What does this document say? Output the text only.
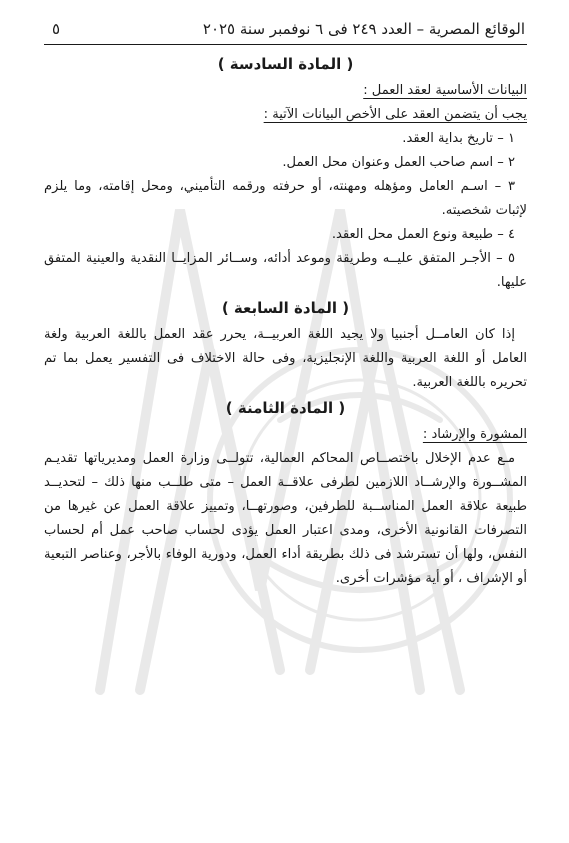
الوقائع المصرية – العدد ٢٤٩ فى ٦ نوفمبر سنة ٢٠٢٥
٥
( المادة السادسة )

البيانات الأساسية لعقد العمل :

يجب أن يتضمن العقد على الأخص البيانات الآتية :

١ – تاريخ بداية العقد.

٢ – اسم صاحب العمل وعنوان محل العمل.

٣ – اسـم العامل ومؤهله ومهنته، أو حرفته ورقمه التأميني، ومحل إقامته، وما يلزم لإثبات شخصيته.

٤ – طبيعة ونوع العمل محل العقد.

٥ – الأجـر المتفق عليــه وطريقة وموعد أدائه، وســائر المزايــا النقدية والعينية المتفق عليها.

( المادة السابعة )

إذا كان العامــل أجنبيا ولا يجيد اللغة العربيــة، يحرر عقد العمل باللغة العربية ولغة العامل أو اللغة العربية واللغة الإنجليزية، وفى حالة الاختلاف فى التفسير يعمل بما تم تحريره باللغة العربية.

( المادة الثامنة )

المشورة والإرشاد :

مـع عدم الإخلال باختصــاص المحاكم العمالية، تتولــى وزارة العمل ومديرياتها تقديـم المشــورة والإرشــاد اللازمين لطرفى علاقــة العمل – متى طلــب منها ذلك – لتحديــد طبيعة علاقة العمل المناســبة للطرفين، وصورتهــا، وتمييز علاقة العمل عن غيرها من التصرفات القانونية الأخرى، ومدى اعتبار العمل يؤدى لحساب صاحب عمل أم لحساب النفس، ولها أن تسترشد فى ذلك بطريقة أداء العمل، ودورية الوفاء بالأجر، وعناصر التبعية أو الإشراف ، أو أية مؤشرات أخرى.
